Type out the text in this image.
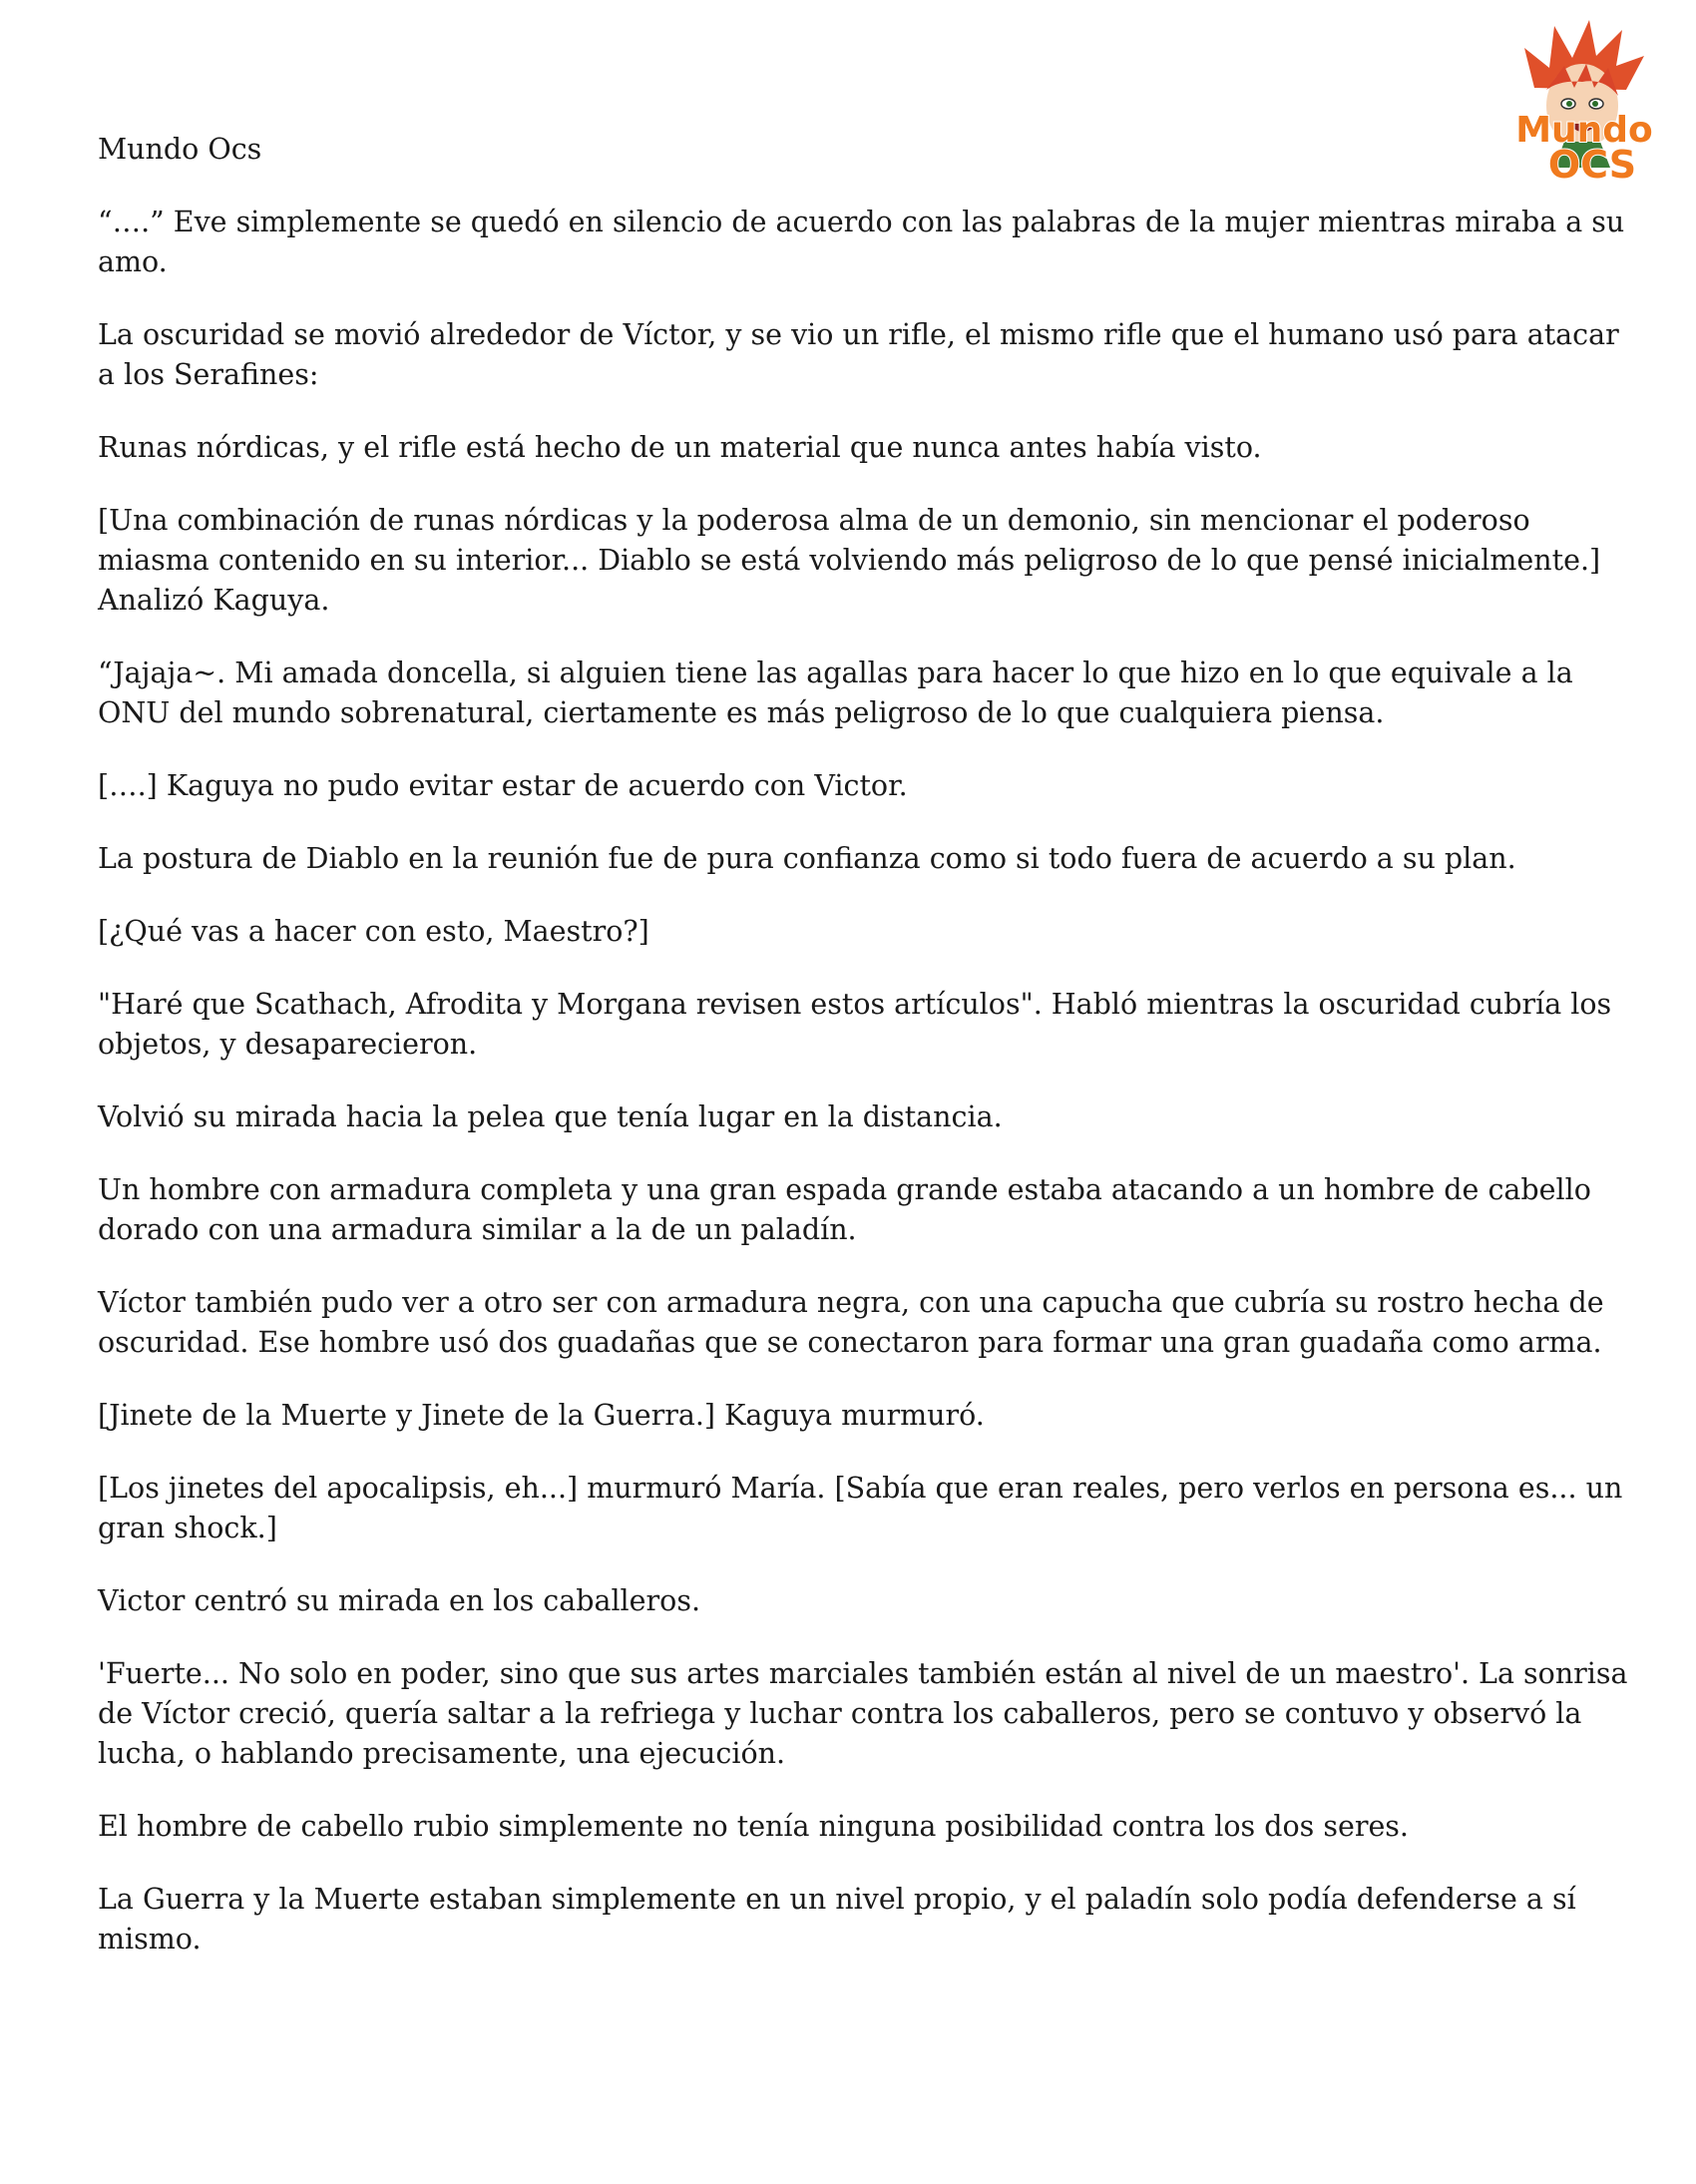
Mundo
OCS

Mundo Ocs

“….” Eve simplemente se quedó en silencio de acuerdo con las palabras de la mujer mientras miraba a su amo.

La oscuridad se movió alrededor de Víctor, y se vio un rifle, el mismo rifle que el humano usó para atacar a los Serafines:

Runas nórdicas, y el rifle está hecho de un material que nunca antes había visto.

[Una combinación de runas nórdicas y la poderosa alma de un demonio, sin mencionar el poderoso miasma contenido en su interior... Diablo se está volviendo más peligroso de lo que pensé inicialmente.] Analizó Kaguya.

“Jajaja~. Mi amada doncella, si alguien tiene las agallas para hacer lo que hizo en lo que equivale a la ONU del mundo sobrenatural, ciertamente es más peligroso de lo que cualquiera piensa.

[….] Kaguya no pudo evitar estar de acuerdo con Victor.

La postura de Diablo en la reunión fue de pura confianza como si todo fuera de acuerdo a su plan.

[¿Qué vas a hacer con esto, Maestro?]

"Haré que Scathach, Afrodita y Morgana revisen estos artículos". Habló mientras la oscuridad cubría los objetos, y desaparecieron.

Volvió su mirada hacia la pelea que tenía lugar en la distancia.

Un hombre con armadura completa y una gran espada grande estaba atacando a un hombre de cabello dorado con una armadura similar a la de un paladín.

Víctor también pudo ver a otro ser con armadura negra, con una capucha que cubría su rostro hecha de oscuridad. Ese hombre usó dos guadañas que se conectaron para formar una gran guadaña como arma.

[Jinete de la Muerte y Jinete de la Guerra.] Kaguya murmuró.

[Los jinetes del apocalipsis, eh...] murmuró María. [Sabía que eran reales, pero verlos en persona es... un gran shock.]

Victor centró su mirada en los caballeros.

'Fuerte... No solo en poder, sino que sus artes marciales también están al nivel de un maestro'. La sonrisa de Víctor creció, quería saltar a la refriega y luchar contra los caballeros, pero se contuvo y observó la lucha, o hablando precisamente, una ejecución.

El hombre de cabello rubio simplemente no tenía ninguna posibilidad contra los dos seres.

La Guerra y la Muerte estaban simplemente en un nivel propio, y el paladín solo podía defenderse a sí mismo.
